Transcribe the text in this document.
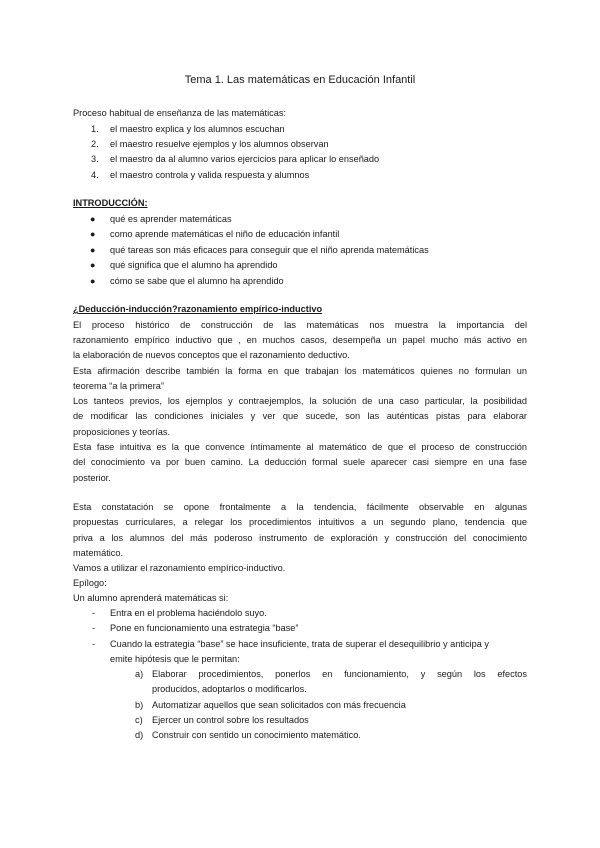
Tema 1. Las matemáticas en Educación Infantil
Proceso habitual de enseñanza de las matemáticas:
1. el maestro explica y los alumnos escuchan
2. el maestro resuelve ejemplos y los alumnos observan
3. el maestro da al alumno varios ejercicios para aplicar lo enseñado
4. el maestro controla y valida respuesta y alumnos
INTRODUCCIÓN:
● qué es aprender matemáticas
● como aprende matemáticas el niño de educación infantil
● qué tareas son más eficaces para conseguir que el niño aprenda matemáticas
● qué significa que el alumno ha aprendido
● cómo se sabe que el alumno ha aprendido
¿Deducción-inducción?razonamiento empírico-inductivo
El proceso histórico de construcción de las matemáticas nos muestra la importancia del
razonamiento empírico inductivo que , en muchos casos, desempeña un papel mucho más activo en
la elaboración de nuevos conceptos que el razonamiento deductivo.
Esta afirmación describe también la forma en que trabajan los matemáticos quienes no formulan un
teorema “a la primera”
Los tanteos previos, los ejemplos y contraejemplos, la solución de una caso particular, la posibilidad
de modificar las condiciones iniciales y ver que sucede, son las auténticas pistas para elaborar
proposiciones y teorías.
Esta fase intuitiva es la que convence íntimamente al matemático de que el proceso de construcción
del conocimiento va por buen camino. La deducción formal suele aparecer casi siempre en una fase
posterior.
Esta constatación se opone frontalmente a la tendencia, fácilmente observable en algunas
propuestas curriculares, a relegar los procedimientos intuitivos a un segundo plano, tendencia que
priva a los alumnos del más poderoso instrumento de exploración y construcción del conocimiento
matemático.
Vamos a utilizar el razonamiento empírico-inductivo.
Epílogo:
Un alumno aprenderá matemáticas si:
- Entra en el problema haciéndolo suyo.
- Pone en funcionamiento una estrategia “base”
- Cuando la estrategia “base” se hace insuficiente, trata de superar el desequilibrio y anticipa y
emite hipótesis que le permitan:
a) Elaborar procedimientos, ponerlos en funcionamiento, y según los efectos
producidos, adoptarlos o modificarlos.
b) Automatizar aquellos que sean solicitados con más frecuencia
c) Ejercer un control sobre los resultados
d) Construir con sentido un conocimiento matemático.
